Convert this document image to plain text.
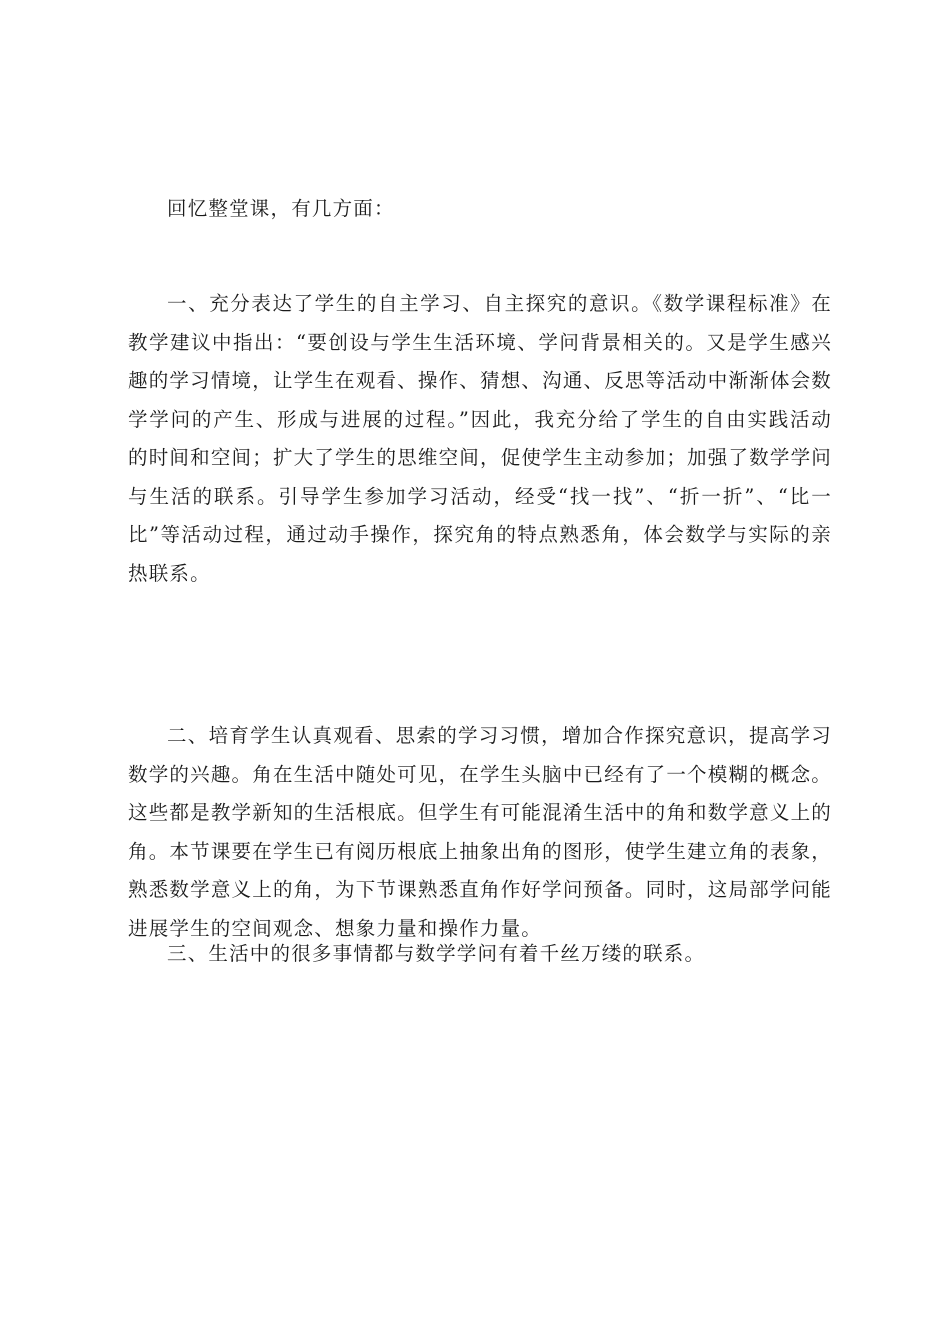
回忆整堂课，有几方面：

一、充分表达了学生的自主学习、自主探究的意识。《数学课程标准》在教学建议中指出：“要创设与学生生活环境、学问背景相关的。又是学生感兴趣的学习情境，让学生在观看、操作、猜想、沟通、反思等活动中渐渐体会数学学问的产生、形成与进展的过程。”因此，我充分给了学生的自由实践活动的时间和空间；扩大了学生的思维空间，促使学生主动参加；加强了数学学问与生活的联系。引导学生参加学习活动，经受“找一找”、“折一折”、“比一比”等活动过程，通过动手操作，探究角的特点熟悉角，体会数学与实际的亲热联系。

二、培育学生认真观看、思索的学习习惯，增加合作探究意识，提高学习数学的兴趣。角在生活中随处可见，在学生头脑中已经有了一个模糊的概念。这些都是教学新知的生活根底。但学生有可能混淆生活中的角和数学意义上的角。本节课要在学生已有阅历根底上抽象出角的图形，使学生建立角的表象，熟悉数学意义上的角，为下节课熟悉直角作好学问预备。同时，这局部学问能进展学生的空间观念、想象力量和操作力量。

三、生活中的很多事情都与数学学问有着千丝万缕的联系。
